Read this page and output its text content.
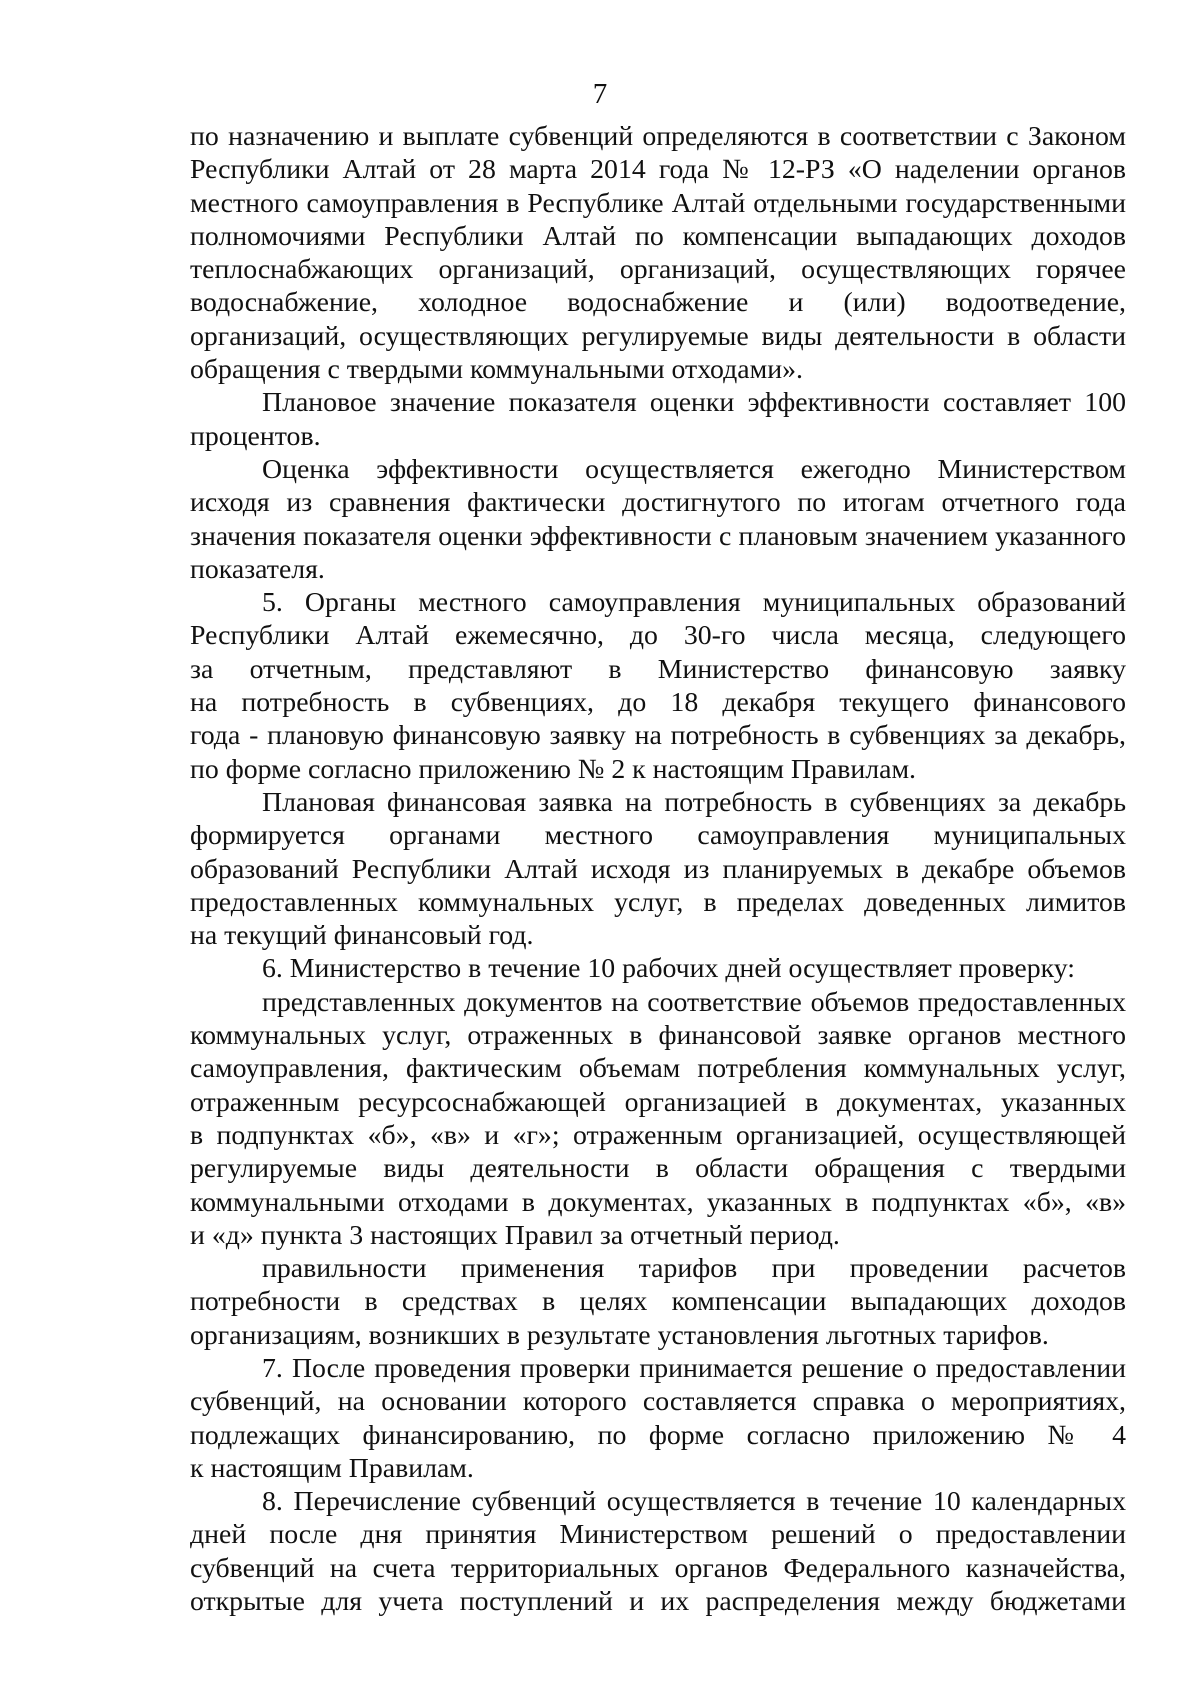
7
по назначению и выплате субвенций определяются в соответствии с Законом
Республики Алтай от 28 марта 2014 года № 12-РЗ «О наделении органов
местного самоуправления в Республике Алтай отдельными государственными
полномочиями Республики Алтай по компенсации выпадающих доходов
теплоснабжающих организаций, организаций, осуществляющих горячее
водоснабжение, холодное водоснабжение и (или) водоотведение,
организаций, осуществляющих регулируемые виды деятельности в области
обращения с твердыми коммунальными отходами».
Плановое значение показателя оценки эффективности составляет 100
процентов.
Оценка эффективности осуществляется ежегодно Министерством
исходя из сравнения фактически достигнутого по итогам отчетного года
значения показателя оценки эффективности с плановым значением указанного
показателя.
5. Органы местного самоуправления муниципальных образований
Республики Алтай ежемесячно, до 30-го числа месяца, следующего
за отчетным, представляют в Министерство финансовую заявку
на потребность в субвенциях, до 18 декабря текущего финансового
года - плановую финансовую заявку на потребность в субвенциях за декабрь,
по форме согласно приложению № 2 к настоящим Правилам.
Плановая финансовая заявка на потребность в субвенциях за декабрь
формируется органами местного самоуправления муниципальных
образований Республики Алтай исходя из планируемых в декабре объемов
предоставленных коммунальных услуг, в пределах доведенных лимитов
на текущий финансовый год.
6. Министерство в течение 10 рабочих дней осуществляет проверку:
представленных документов на соответствие объемов предоставленных
коммунальных услуг, отраженных в финансовой заявке органов местного
самоуправления, фактическим объемам потребления коммунальных услуг,
отраженным ресурсоснабжающей организацией в документах, указанных
в подпунктах «б», «в» и «г»; отраженным организацией, осуществляющей
регулируемые виды деятельности в области обращения с твердыми
коммунальными отходами в документах, указанных в подпунктах «б», «в»
и «д» пункта 3 настоящих Правил за отчетный период.
правильности применения тарифов при проведении расчетов
потребности в средствах в целях компенсации выпадающих доходов
организациям, возникших в результате установления льготных тарифов.
7. После проведения проверки принимается решение о предоставлении
субвенций, на основании которого составляется справка о мероприятиях,
подлежащих финансированию, по форме согласно приложению № 4
к настоящим Правилам.
8. Перечисление субвенций осуществляется в течение 10 календарных
дней после дня принятия Министерством решений о предоставлении
субвенций на счета территориальных органов Федерального казначейства,
открытые для учета поступлений и их распределения между бюджетами
